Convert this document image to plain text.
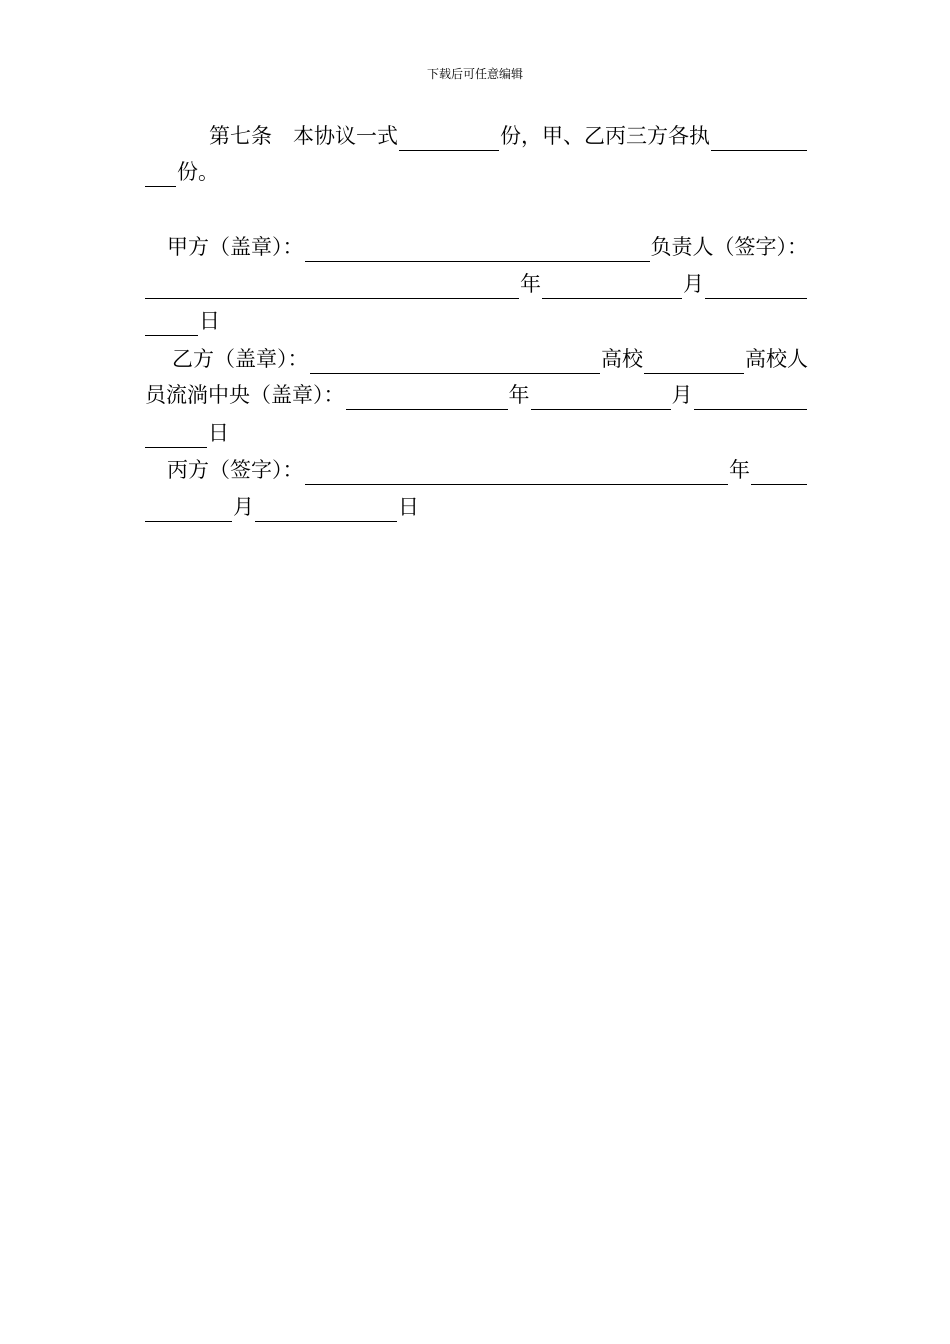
下载后可任意编辑
第七条　本协议一式	份，甲、乙丙三方各执
份。
甲方（盖章）：	负责人（签字）：
年	月
日
乙方（盖章）：	高校	高校人
员流淌中央（盖章）：	年	月
日
丙方（签字）：	年
月	日
